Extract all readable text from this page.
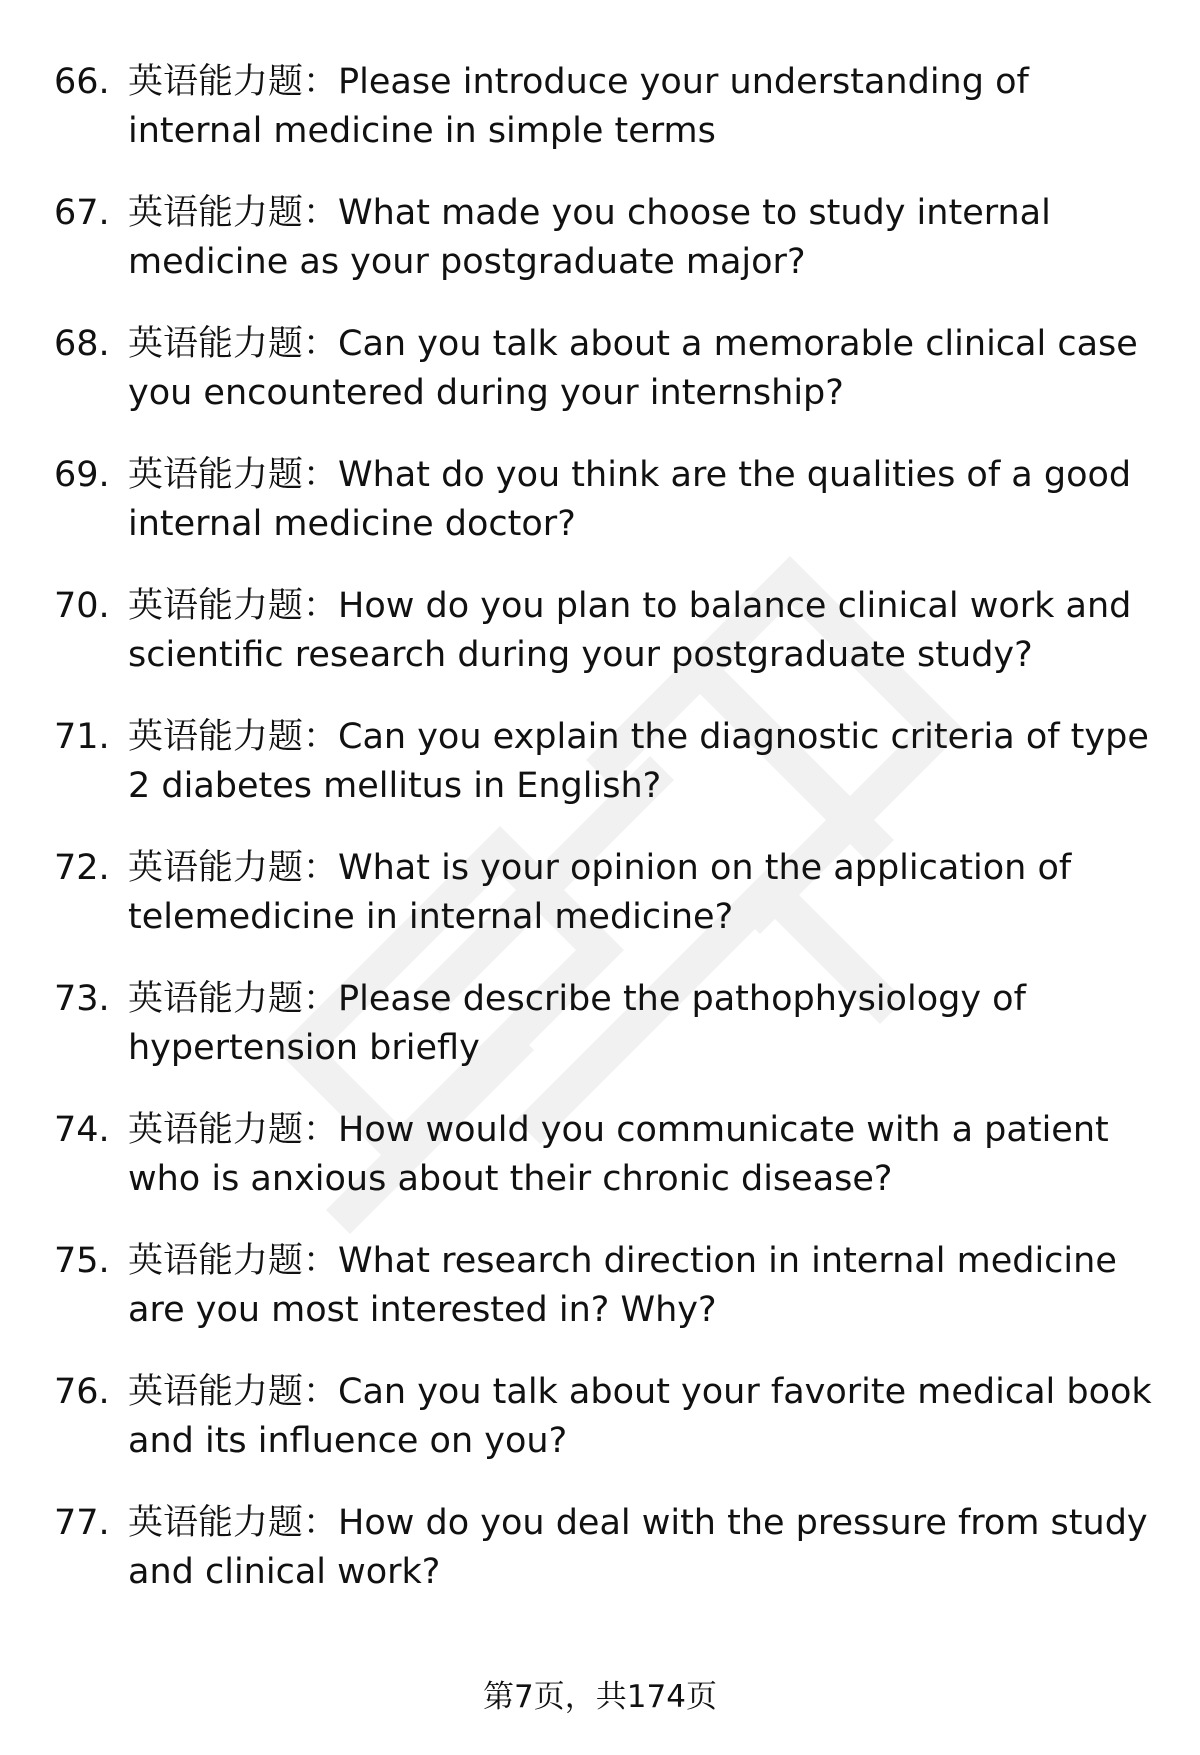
66. 英语能力题：Please introduce your understanding of internal medicine in simple terms
67. 英语能力题：What made you choose to study internal medicine as your postgraduate major?
68. 英语能力题：Can you talk about a memorable clinical case you encountered during your internship?
69. 英语能力题：What do you think are the qualities of a good internal medicine doctor?
70. 英语能力题：How do you plan to balance clinical work and scientific research during your postgraduate study?
71. 英语能力题：Can you explain the diagnostic criteria of type 2 diabetes mellitus in English?
72. 英语能力题：What is your opinion on the application of telemedicine in internal medicine?
73. 英语能力题：Please describe the pathophysiology of hypertension briefly
74. 英语能力题：How would you communicate with a patient who is anxious about their chronic disease?
75. 英语能力题：What research direction in internal medicine are you most interested in? Why?
76. 英语能力题：Can you talk about your favorite medical book and its influence on you?
77. 英语能力题：How do you deal with the pressure from study and clinical work?
第7页，共174页
